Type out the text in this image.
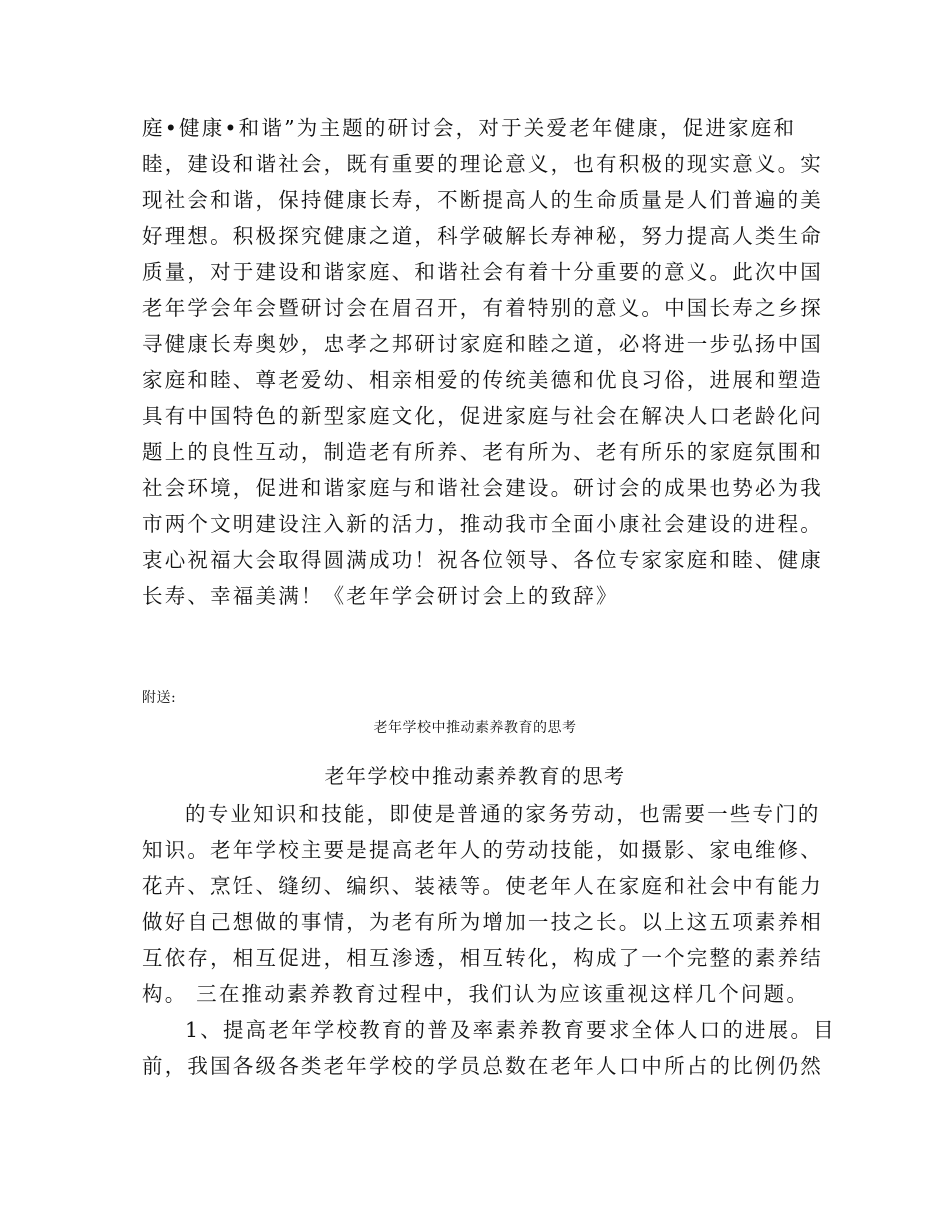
庭•健康•和谐”为主题的研讨会，对于关爱老年健康，促进家庭和
睦，建设和谐社会，既有重要的理论意义，也有积极的现实意义。实
现社会和谐，保持健康长寿，不断提高人的生命质量是人们普遍的美
好理想。积极探究健康之道，科学破解长寿神秘，努力提高人类生命
质量，对于建设和谐家庭、和谐社会有着十分重要的意义。此次中国
老年学会年会暨研讨会在眉召开，有着特别的意义。中国长寿之乡探
寻健康长寿奥妙，忠孝之邦研讨家庭和睦之道，必将进一步弘扬中国
家庭和睦、尊老爱幼、相亲相爱的传统美德和优良习俗，进展和塑造
具有中国特色的新型家庭文化，促进家庭与社会在解决人口老龄化问
题上的良性互动，制造老有所养、老有所为、老有所乐的家庭氛围和
社会环境，促进和谐家庭与和谐社会建设。研讨会的成果也势必为我
市两个文明建设注入新的活力，推动我市全面小康社会建设的进程。
衷心祝福大会取得圆满成功！祝各位领导、各位专家家庭和睦、健康
长寿、幸福美满！《老年学会研讨会上的致辞》
附送:
老年学校中推动素养教育的思考
老年学校中推动素养教育的思考
的专业知识和技能，即使是普通的家务劳动，也需要一些专门的
知识。老年学校主要是提高老年人的劳动技能，如摄影、家电维修、
花卉、烹饪、缝纫、编织、装裱等。使老年人在家庭和社会中有能力
做好自己想做的事情，为老有所为增加一技之长。以上这五项素养相
互依存，相互促进，相互渗透，相互转化，构成了一个完整的素养结
构。 三在推动素养教育过程中，我们认为应该重视这样几个问题。
1、提高老年学校教育的普及率素养教育要求全体人口的进展。目
前，我国各级各类老年学校的学员总数在老年人口中所占的比例仍然
